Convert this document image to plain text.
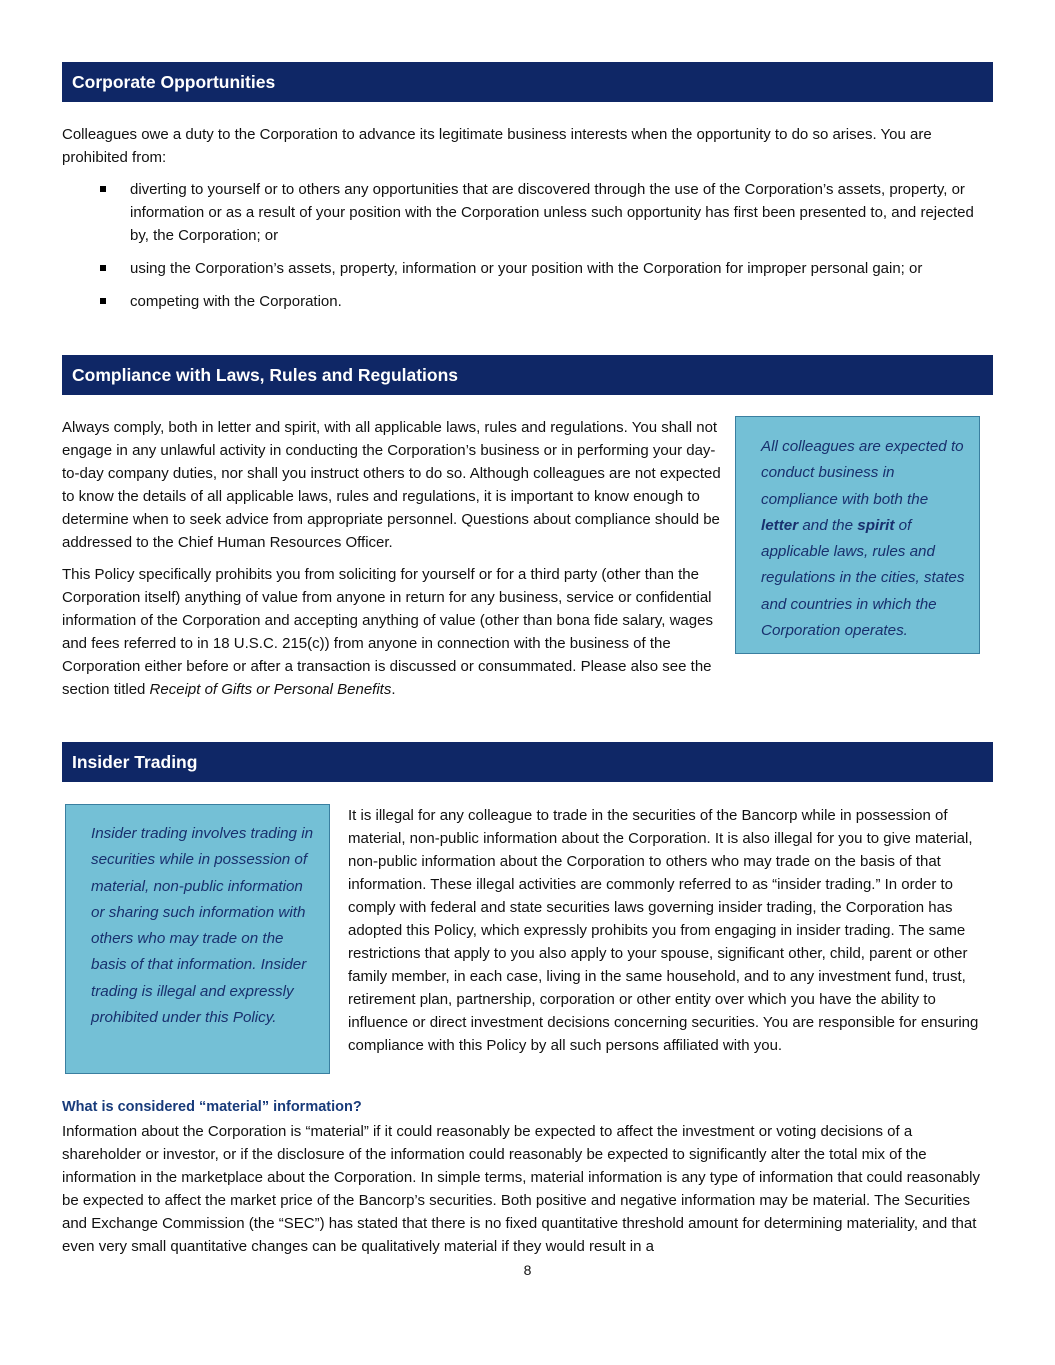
Corporate Opportunities

Colleagues owe a duty to the Corporation to advance its legitimate business interests when the opportunity to do so arises. You are prohibited from:

diverting to yourself or to others any opportunities that are discovered through the use of the Corporation’s assets, property, or information or as a result of your position with the Corporation unless such opportunity has first been presented to, and rejected by, the Corporation; or
using the Corporation’s assets, property, information or your position with the Corporation for improper personal gain; or
competing with the Corporation.
Compliance with Laws, Rules and Regulations

Always comply, both in letter and spirit, with all applicable laws, rules and regulations. You shall not engage in any unlawful activity in conducting the Corporation’s business or in performing your day-to-day company duties, nor shall you instruct others to do so. Although colleagues are not expected to know the details of all applicable laws, rules and regulations, it is important to know enough to determine when to seek advice from appropriate personnel. Questions about compliance should be addressed to the Chief Human Resources Officer.

This Policy specifically prohibits you from soliciting for yourself or for a third party (other than the Corporation itself) anything of value from anyone in return for any business, service or confidential information of the Corporation and accepting anything of value (other than bona fide salary, wages and fees referred to in 18 U.S.C. 215(c)) from anyone in connection with the business of the Corporation either before or after a transaction is discussed or consummated. Please also see the section titled Receipt of Gifts or Personal Benefits.

All colleagues are expected to conduct business in compliance with both the letter and the spirit of applicable laws, rules and regulations in the cities, states and countries in which the Corporation operates.
Insider Trading
Insider trading involves trading in securities while in possession of material, non-public information or sharing such information with others who may trade on the basis of that information. Insider trading is illegal and expressly prohibited under this Policy.

It is illegal for any colleague to trade in the securities of the Bancorp while in possession of material, non-public information about the Corporation. It is also illegal for you to give material, non-public information about the Corporation to others who may trade on the basis of that information. These illegal activities are commonly referred to as “insider trading.” In order to comply with federal and state securities laws governing insider trading, the Corporation has adopted this Policy, which expressly prohibits you from engaging in insider trading. The same restrictions that apply to you also apply to your spouse, significant other, child, parent or other family member, in each case, living in the same household, and to any investment fund, trust, retirement plan, partnership, corporation or other entity over which you have the ability to influence or direct investment decisions concerning securities. You are responsible for ensuring compliance with this Policy by all such persons affiliated with you.

What is considered “material” information?

Information about the Corporation is “material” if it could reasonably be expected to affect the investment or voting decisions of a shareholder or investor, or if the disclosure of the information could reasonably be expected to significantly alter the total mix of the information in the marketplace about the Corporation. In simple terms, material information is any type of information that could reasonably be expected to affect the market price of the Bancorp’s securities. Both positive and negative information may be material. The Securities and Exchange Commission (the “SEC”) has stated that there is no fixed quantitative threshold amount for determining materiality, and that even very small quantitative changes can be qualitatively material if they would result in a

8
